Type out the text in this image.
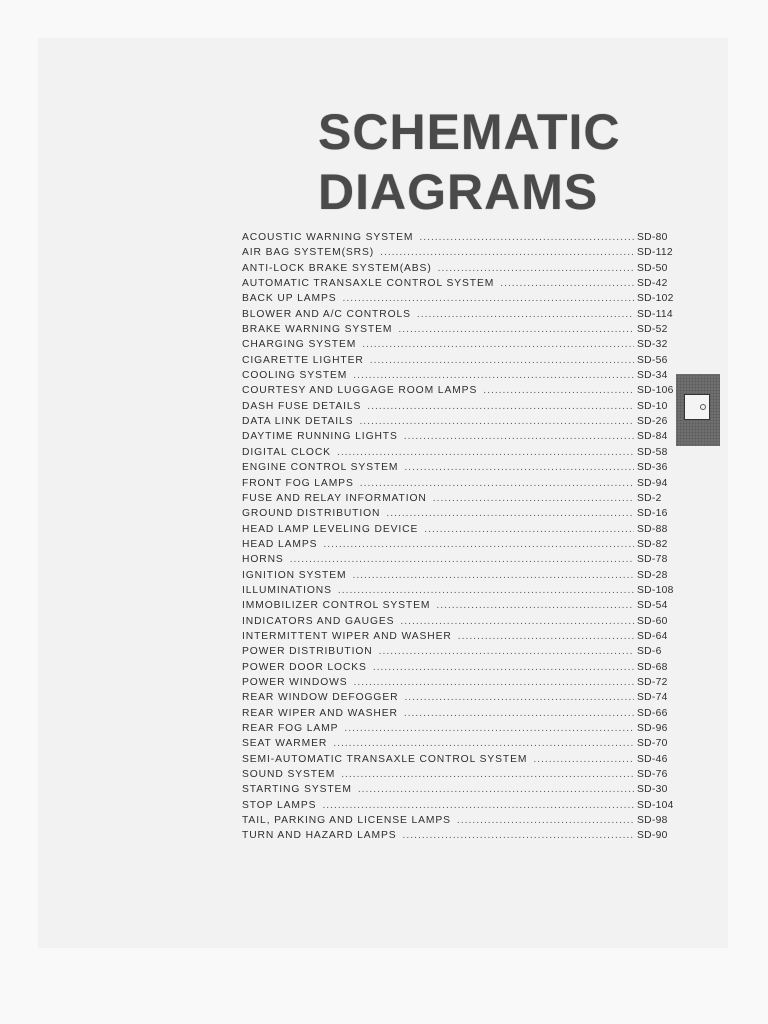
SCHEMATIC
DIAGRAMS
ACOUSTIC WARNING SYSTEM .....	SD-80
AIR BAG SYSTEM(SRS) .....	SD-112
ANTI-LOCK BRAKE SYSTEM(ABS) .....	SD-50
AUTOMATIC TRANSAXLE CONTROL SYSTEM .....	SD-42
BACK UP LAMPS .....	SD-102
BLOWER AND A/C CONTROLS .....	SD-114
BRAKE WARNING SYSTEM .....	SD-52
CHARGING SYSTEM .....	SD-32
CIGARETTE LIGHTER .....	SD-56
COOLING SYSTEM .....	SD-34
COURTESY AND LUGGAGE ROOM LAMPS .....	SD-106
DASH FUSE DETAILS .....	SD-10
DATA LINK DETAILS .....	SD-26
DAYTIME RUNNING LIGHTS .....	SD-84
DIGITAL CLOCK .....	SD-58
ENGINE CONTROL SYSTEM .....	SD-36
FRONT FOG LAMPS .....	SD-94
FUSE AND RELAY INFORMATION .....	SD-2
GROUND DISTRIBUTION .....	SD-16
HEAD LAMP LEVELING DEVICE .....	SD-88
HEAD LAMPS .....	SD-82
HORNS .....	SD-78
IGNITION SYSTEM .....	SD-28
ILLUMINATIONS .....	SD-108
IMMOBILIZER CONTROL SYSTEM .....	SD-54
INDICATORS AND GAUGES .....	SD-60
INTERMITTENT WIPER AND WASHER .....	SD-64
POWER DISTRIBUTION .....	SD-6
POWER DOOR LOCKS .....	SD-68
POWER WINDOWS .....	SD-72
REAR WINDOW DEFOGGER .....	SD-74
REAR WIPER AND WASHER .....	SD-66
REAR FOG LAMP .....	SD-96
SEAT WARMER .....	SD-70
SEMI-AUTOMATIC TRANSAXLE CONTROL SYSTEM .....	SD-46
SOUND SYSTEM .....	SD-76
STARTING SYSTEM .....	SD-30
STOP LAMPS .....	SD-104
TAIL, PARKING AND LICENSE LAMPS .....	SD-98
TURN AND HAZARD LAMPS .....	SD-90
